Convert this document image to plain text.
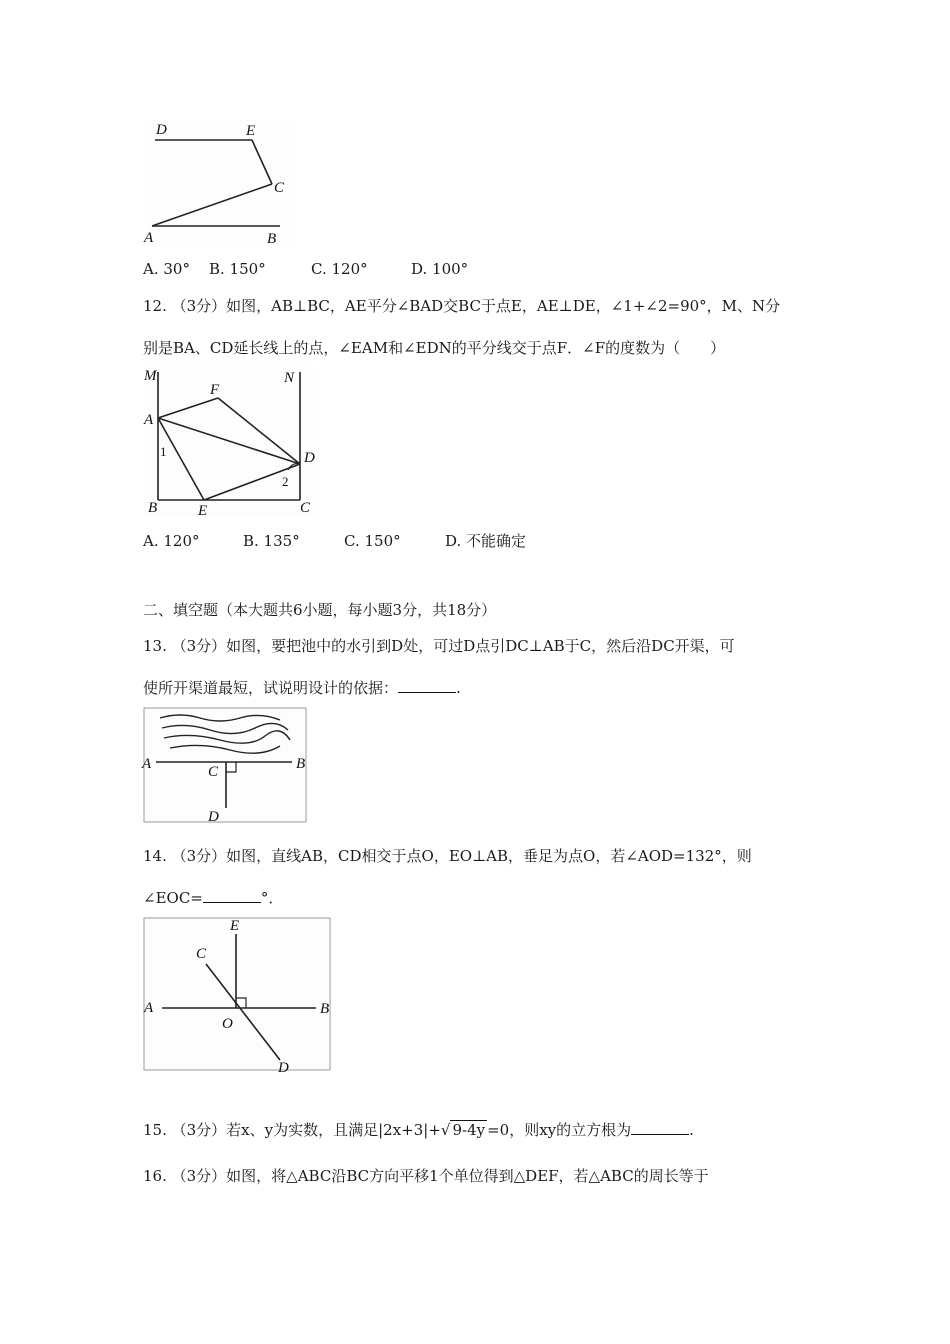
D	E
C
A	B
A. 30° B. 150°	C. 120°	D. 100°
12. （3分）如图，AB⊥BC，AE平分∠BAD交BC于点E，AE⊥DE，∠1+∠2=90°，M、N分
别是BA、CD延长线上的点，∠EAM和∠EDN的平分线交于点F．∠F的度数为（　　）
M	N
A
F
D
B	E	C
1
2
A. 120°	B. 135°	C. 150°	D. 不能确定
二、填空题（本大题共6小题，每小题3分，共18分）
13. （3分）如图，要把池中的水引到D处，可过D点引DC⊥AB于C，然后沿DC开渠，可
使所开渠道最短，试说明设计的依据：	.
A	C	B
D
14. （3分）如图，直线AB，CD相交于点O，EO⊥AB，垂足为点O，若∠AOD=132°，则
∠EOC=	°．
E
C
A
O
B
D
15. （3分）若x、y为实数，且满足|2x+3|+√ 9-4y =0，则xy的立方根为	.
16. （3分）如图，将△ABC沿BC方向平移1个单位得到△DEF，若△ABC的周长等于
